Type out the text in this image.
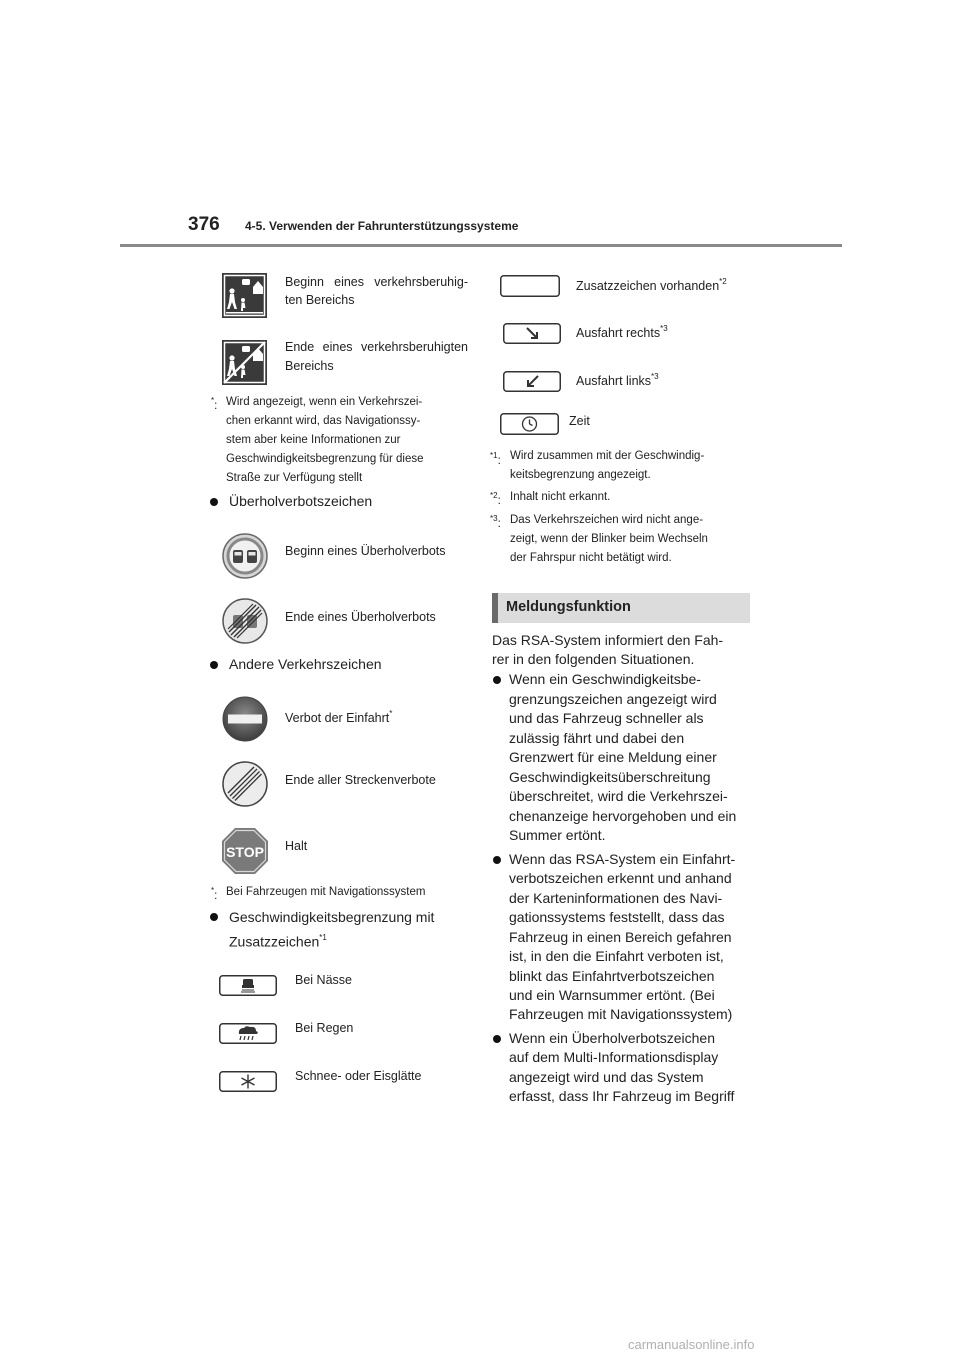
376 4-5. Verwenden der Fahrunterstützungssysteme
Beginn eines verkehrsberuhig-
ten Bereichs
Ende eines verkehrsberuhigten
Bereichs
*: Wird angezeigt, wenn ein Verkehrszei-
chen erkannt wird, das Navigationssy-
stem aber keine Informationen zur
Geschwindigkeitsbegrenzung für diese
Straße zur Verfügung stellt
Überholverbotszeichen
Beginn eines Überholverbots
Ende eines Überholverbots
Andere Verkehrszeichen
Verbot der Einfahrt*
Ende aller Streckenverbote
STOP Halt
*: Bei Fahrzeugen mit Navigationssystem
Geschwindigkeitsbegrenzung mit
Zusatzzeichen$^{*1}$
Bei Nässe
Bei Regen
Schnee- oder Eisglätte
Zusatzzeichen vorhanden$^{*2}$
Ausfahrt rechts$^{*3}$
Ausfahrt links$^{*3}$
Zeit
$^{*1}$: Wird zusammen mit der Geschwindig-
keitsbegrenzung angezeigt.
$^{*2}$: Inhalt nicht erkannt.
$^{*3}$: Das Verkehrszeichen wird nicht ange-
zeigt, wenn der Blinker beim Wechseln
der Fahrspur nicht betätigt wird.
Meldungsfunktion
Das RSA-System informiert den Fah-
rer in den folgenden Situationen.
Wenn ein Geschwindigkeitsbe-
grenzungszeichen angezeigt wird
und das Fahrzeug schneller als
zulässig fährt und dabei den
Grenzwert für eine Meldung einer
Geschwindigkeitsüberschreitung
überschreitet, wird die Verkehrszei-
chenanzeige hervorgehoben und ein
Summer ertönt.
Wenn das RSA-System ein Einfahrt-
verbotszeichen erkennt und anhand
der Karteninformationen des Navi-
gationssystems feststellt, dass das
Fahrzeug in einen Bereich gefahren
ist, in den die Einfahrt verboten ist,
blinkt das Einfahrtverbotszeichen
und ein Warnsummer ertönt. (Bei
Fahrzeugen mit Navigationssystem)
Wenn ein Überholverbotszeichen
auf dem Multi-Informationsdisplay
angezeigt wird und das System
erfasst, dass Ihr Fahrzeug im Begriff
carmanualsonline.info
